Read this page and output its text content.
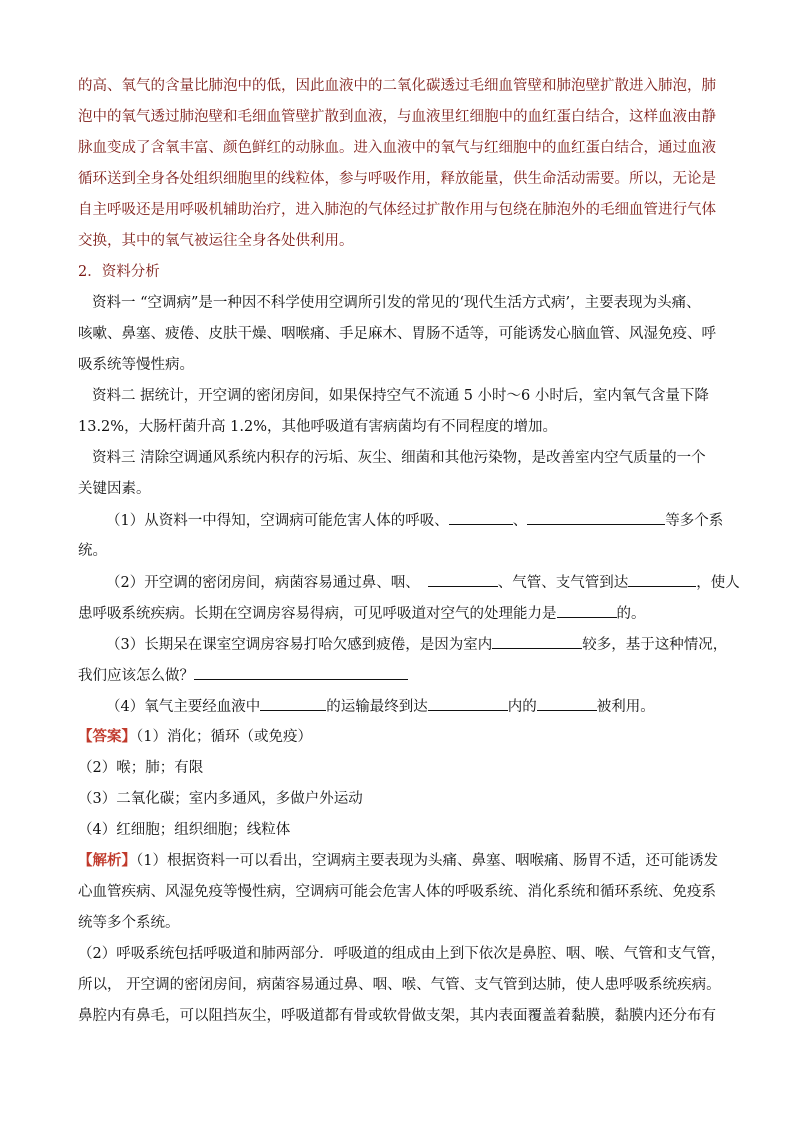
的高、氧气的含量比肺泡中的低，因此血液中的二氧化碳透过毛细血管壁和肺泡壁扩散进入肺泡，肺
泡中的氧气透过肺泡壁和毛细血管壁扩散到血液，与血液里红细胞中的血红蛋白结合，这样血液由静
脉血变成了含氧丰富、颜色鲜红的动脉血。进入血液中的氧气与红细胞中的血红蛋白结合，通过血液
循环送到全身各处组织细胞里的线粒体，参与呼吸作用，释放能量，供生命活动需要。所以，无论是
自主呼吸还是用呼吸机辅助治疗，进入肺泡的气体经过扩散作用与包绕在肺泡外的毛细血管进行气体
交换，其中的氧气被运往全身各处供利用。
2．资料分析
资料一 “空调病”是一种因不科学使用空调所引发的常见的‘现代生活方式病’，主要表现为头痛、
咳嗽、鼻塞、疲倦、皮肤干燥、咽喉痛、手足麻木、胃肠不适等，可能诱发心脑血管、风湿免疫、呼
吸系统等慢性病。
资料二 据统计，开空调的密闭房间，如果保持空气不流通 5 小时～6 小时后，室内氧气含量下降
13.2%，大肠杆菌升高 1.2%，其他呼吸道有害病菌均有不同程度的增加。
资料三 清除空调通风系统内积存的污垢、灰尘、细菌和其他污染物，是改善室内空气质量的一个
关键因素。
（1）从资料一中得知，空调病可能危害人体的呼吸、	、	等多个系
统。
（2）开空调的密闭房间，病菌容易通过鼻、咽、	、气管、支气管到达	，使人
患呼吸系统疾病。长期在空调房容易得病，可见呼吸道对空气的处理能力是	的。
（3）长期呆在课室空调房容易打哈欠感到疲倦，是因为室内	较多，基于这种情况，
我们应该怎么做？
（4）氧气主要经血液中	的运输最终到达	内的	被利用。
【答案】（1）消化；循环（或免疫）
（2）喉；肺；有限
（3）二氧化碳；室内多通风，多做户外运动
（4）红细胞；组织细胞；线粒体
【解析】（1）根据资料一可以看出，空调病主要表现为头痛、鼻塞、咽喉痛、肠胃不适，还可能诱发
心血管疾病、风湿免疫等慢性病，空调病可能会危害人体的呼吸系统、消化系统和循环系统、免疫系
统等多个系统。
（2）呼吸系统包括呼吸道和肺两部分．呼吸道的组成由上到下依次是鼻腔、咽、喉、气管和支气管，
所以， 开空调的密闭房间，病菌容易通过鼻、咽、喉、气管、支气管到达肺，使人患呼吸系统疾病。
鼻腔内有鼻毛，可以阻挡灰尘，呼吸道都有骨或软骨做支架，其内表面覆盖着黏膜，黏膜内还分布有
